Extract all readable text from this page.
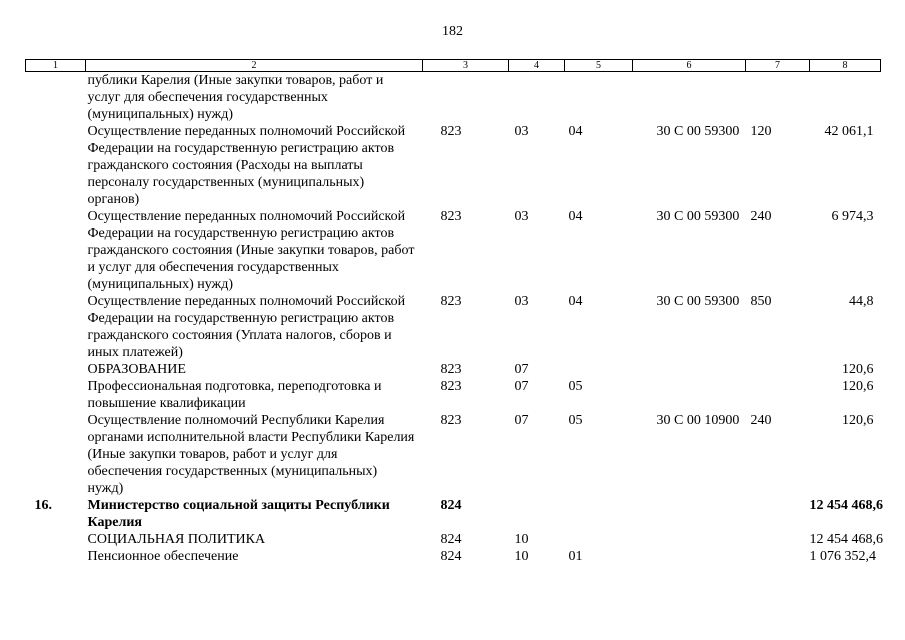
182
1	2	3	4	5	6	7	8
	публики Карелия (Иные закупки товаров, работ и услуг для обеспечения государственных (муниципальных) нужд)						
	Осуществление переданных полномочий Российской Федерации на государственную регистрацию актов гражданского состояния (Расходы на выплаты персоналу государственных (муниципальных) органов)	823	03	04	30 С 00 59300	120	42 061,1
	Осуществление переданных полномочий Российской Федерации на государственную регистрацию актов гражданского состояния (Иные закупки товаров, работ и услуг для обеспечения государственных (муниципальных) нужд)	823	03	04	30 С 00 59300	240	6 974,3
	Осуществление переданных полномочий Российской Федерации на государственную регистрацию актов гражданского состояния (Уплата налогов, сборов и иных платежей)	823	03	04	30 С 00 59300	850	44,8
	ОБРАЗОВАНИЕ	823	07				120,6
	Профессиональная подготовка, переподготовка и повышение квалификации	823	07	05			120,6
	Осуществление полномочий Республики Карелия органами исполнительной власти Республики Карелия (Иные закупки товаров, работ и услуг для обеспечения государственных (муниципальных) нужд)	823	07	05	30 С 00 10900	240	120,6
16.	Министерство социальной защиты Республики Карелия	824					12 454 468,6
	СОЦИАЛЬНАЯ ПОЛИТИКА	824	10				12 454 468,6
	Пенсионное обеспечение	824	10	01			1 076 352,4
